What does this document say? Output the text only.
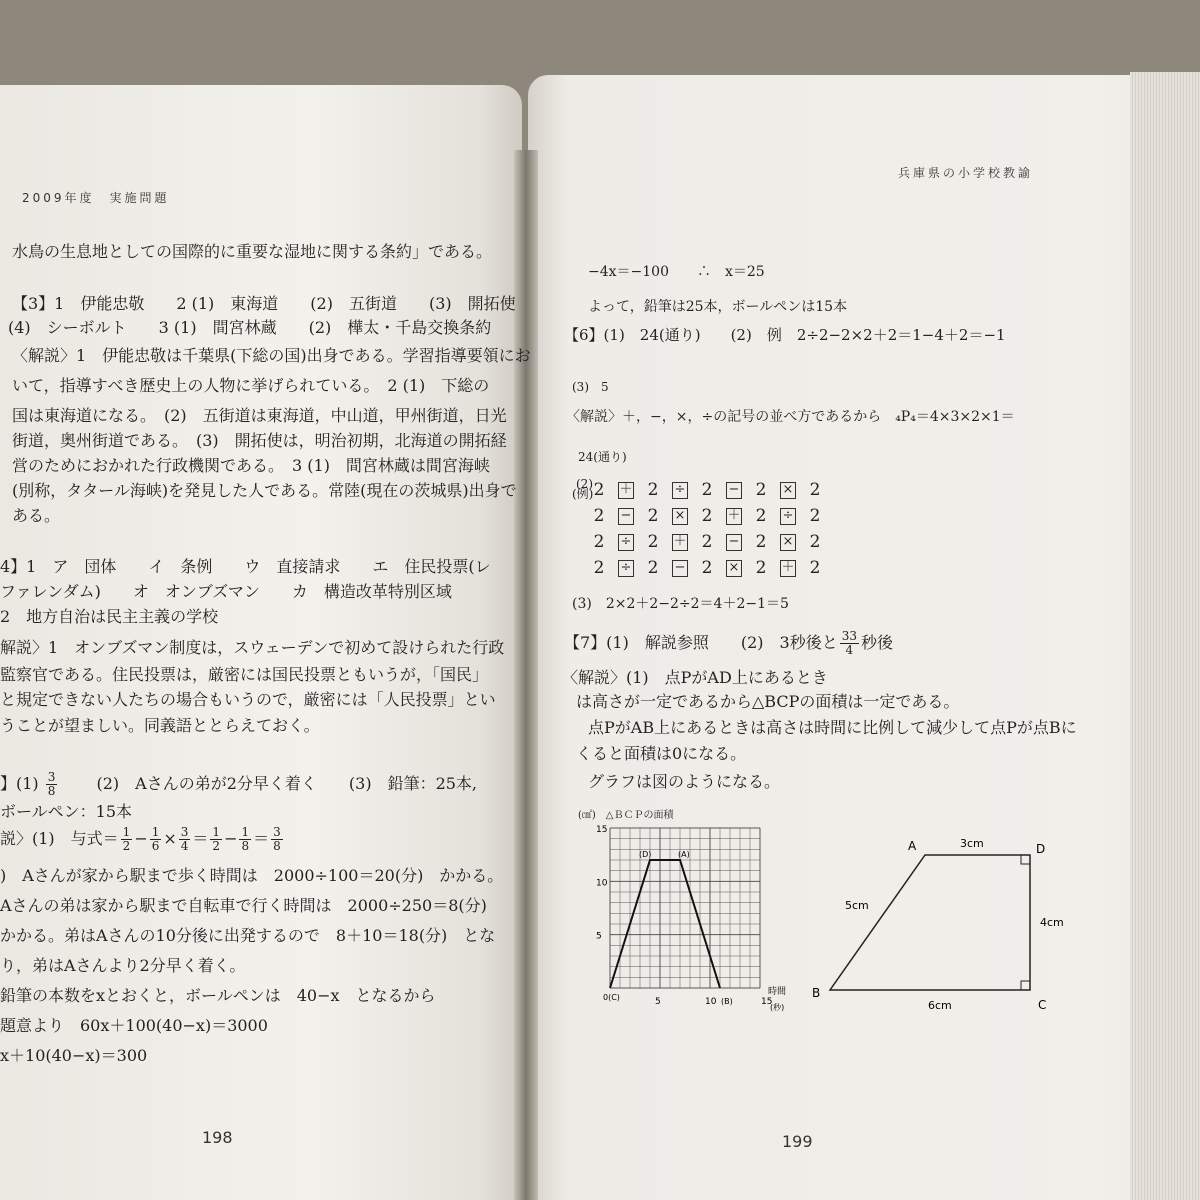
2009年度　実施問題
水鳥の生息地としての国際的に重要な湿地に関する条約」である。
【3】1　伊能忠敬　　2 (1)　東海道　　(2)　五街道　　(3)　開拓使
(4)　シーボルト　　3 (1)　間宮林蔵　　(2)　樺太・千島交換条約
〈解説〉1　伊能忠敬は千葉県(下総の国)出身である。学習指導要領にお
いて，指導すべき歴史上の人物に挙げられている。　2 (1)　下総の
国は東海道になる。　(2)　五街道は東海道，中山道，甲州街道，日光
街道，奥州街道である。　(3)　開拓使は，明治初期，北海道の開拓経
営のためにおかれた行政機関である。　3 (1)　間宮林蔵は間宮海峡
(別称，タタール海峡)を発見した人である。常陸(現在の茨城県)出身で
ある。
4】1　ア　団体　　イ　条例　　ウ　直接請求　　エ　住民投票(レ
ファレンダム)　　オ　オンブズマン　　カ　構造改革特別区域
2　地方自治は民主主義の学校
解説〉1　オンブズマン制度は，スウェーデンで初めて設けられた行政
監察官である。住民投票は，厳密には国民投票ともいうが，「国民」
と規定できない人たちの場合もいうので，厳密には「人民投票」とい
うことが望ましい。同義語ととらえておく。
】$(1) \frac{3}{8}$ 　　(2)　Aさんの弟が2分早く着く　　(3)　鉛筆：25本,
ボールペン：15本
説〉(1)　与式＝ $\frac{1}{2} - \frac{1}{6} \times \frac{3}{4} = \frac{1}{2} - \frac{1}{8} = \frac{3}{8}$
)　Aさんが家から駅まで歩く時間は　2000÷100＝20(分)　かかる。
Aさんの弟は家から駅まで自転車で行く時間は　2000÷250＝8(分)
かかる。弟はAさんの10分後に出発するので　8＋10＝18(分)　とな
り，弟はAさんより2分早く着く。
鉛筆の本数をxとおくと，ボールペンは　40−x　となるから
題意より　60x＋100(40−x)＝3000
x＋10(40−x)＝300
198
兵庫県の小学校教諭
−4x＝−100　　∴　x＝25
よって，鉛筆は25本，ボールペンは15本
【6】(1)　24(通り)　　(2)　例　2÷2−2×2＋2＝1−4＋2＝−1
(3)　5
〈解説〉＋，−，×，÷の記号の並べ方であるから　₄P₄＝4×3×2×1＝
24(通り)
(2)
(例) 2 ＋ 2 ÷ 2 − 2 × 2
2 − 2 × 2 ＋ 2 ÷ 2
2 ÷ 2 ＋ 2 − 2 × 2
2 ÷ 2 − 2 × 2 ＋ 2
(3)　2×2＋2−2÷2＝4＋2−1＝5
【7】(1)　解説参照　　(2)　3秒後と $\frac{33}{4}$ 秒後
〈解説〉(1)　点PがAD上にあるとき
は高さが一定であるから△BCPの面積は一定である。
点PがAB上にあるときは高さは時間に比例して減少して点Pが点Bに
くると面積は0になる。
グラフは図のようになる。
(㎠)　△ＢＣＰの面積
15
10
5
5	10	15
0(C)
(D)	(A)
(B)
時間
(秒)
A	D
B
C
3cm
5cm
4cm
6cm
199
